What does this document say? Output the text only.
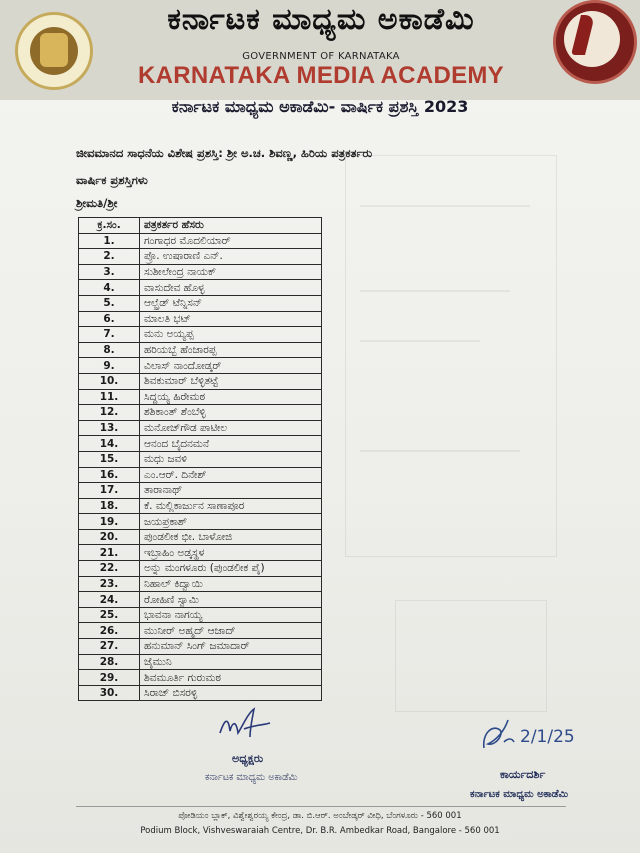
ಕರ್ನಾಟಕ ಮಾಧ್ಯಮ ಅಕಾಡೆಮಿ
GOVERNMENT OF KARNATAKA
KARNATAKA MEDIA ACADEMY
ಕರ್ನಾಟಕ ಮಾಧ್ಯಮ ಅಕಾಡೆಮಿ- ವಾರ್ಷಿಕ ಪ್ರಶಸ್ತಿ 2023
ಜೀವಮಾನದ ಸಾಧನೆಯ ವಿಶೇಷ ಪ್ರಶಸ್ತಿ: ಶ್ರೀ ಅ.ಚ. ಶಿವಣ್ಣ, ಹಿರಿಯ ಪತ್ರಕರ್ತರು
ವಾರ್ಷಿಕ ಪ್ರಶಸ್ತಿಗಳು
ಶ್ರೀಮತಿ/ಶ್ರೀ
ಕ್ರ.ಸಂ.	ಪತ್ರಕರ್ತರ ಹೆಸರು
1.	ಗಂಗಾಧರ ಮೊದಲಿಯಾರ್
2.	ಪ್ರೊ. ಉಷಾರಾಣಿ ಎನ್.
3.	ಸುಶೀಲೇಂದ್ರ ನಾಯಕ್
4.	ವಾಸುದೇವ ಹೊಳ್ಳ
5.	ಆಲ್ಫ್ರೆಡ್ ಟೆನ್ನಿಸನ್
6.	ಮಾಲತಿ ಭಟ್
7.	ಮನು ಅಯ್ಯಪ್ಪ
8.	ಹರಿಯಬ್ಬೆ ಹೆಂಜಾರಪ್ಪ
9.	ವಿಲಾಸ್ ನಾಂದೋಡ್ಕರ್
10.	ಶಿವಕುಮಾರ್ ಬೆಳ್ಳಿತಟ್ಟೆ
11.	ಸಿದ್ದಯ್ಯ ಹಿರೇಮಠ
12.	ಶಶಿಕಾಂತ್ ಶೆಂಬೆಳ್ಳಿ
13.	ಮನೋಜ್‌ಗೌಡ ಪಾಟೀಲ
14.	ಆನಂದ ಬೈದನಮನೆ
15.	ಮಧು ಜವಳಿ
16.	ಎಂ.ಆರ್. ದಿನೇಶ್
17.	ತಾರಾನಾಥ್
18.	ಕೆ. ಮಲ್ಲಿಕಾರ್ಜುನ ಸಾಣಾಪೂರ
19.	ಜಯಪ್ರಕಾಶ್
20.	ಪುಂಡಲೀಕ ಭೀ. ಬಾಳೋಜಿ
21.	ಇಬ್ರಾಹಿಂ ಅಡ್ಕಸ್ಥಳ
22.	ಅನ್ನು ಮಂಗಳೂರು (ಪುಂಡಲೀಕ ಪೈ)
23.	ನಿಹಾಲ್ ಕಿದ್ವಾಯಿ
24.	ರೋಹಿಣಿ ಸ್ವಾಮಿ
25.	ಭಾವನಾ ನಾಗಯ್ಯ
26.	ಮುನೀರ್ ಅಹ್ಮದ್ ಆಜಾದ್
27.	ಹನುಮಾನ್ ಸಿಂಗ್ ಜಮಾದಾರ್
28.	ಜೈಮುನಿ
29.	ಶಿವಮೂರ್ತಿ ಗುರುಮಠ
30.	ಸಿರಾಜ್ ಬಿಸರಳ್ಳಿ
ಅಧ್ಯಕ್ಷರು
ಕರ್ನಾಟಕ ಮಾಧ್ಯಮ ಅಕಾಡೆಮಿ
2/1/25
ಕಾರ್ಯದರ್ಶಿ
ಕರ್ನಾಟಕ ಮಾಧ್ಯಮ ಅಕಾಡೆಮಿ
ಪೋಡಿಯಂ ಬ್ಲಾಕ್, ವಿಶ್ವೇಶ್ವರಯ್ಯ ಕೇಂದ್ರ, ಡಾ. ಬಿ.ಆರ್. ಅಂಬೇಡ್ಕರ್ ವೀಧಿ, ಬೆಂಗಳೂರು - 560 001
Podium Block, Vishveswaraiah Centre, Dr. B.R. Ambedkar Road, Bangalore - 560 001
